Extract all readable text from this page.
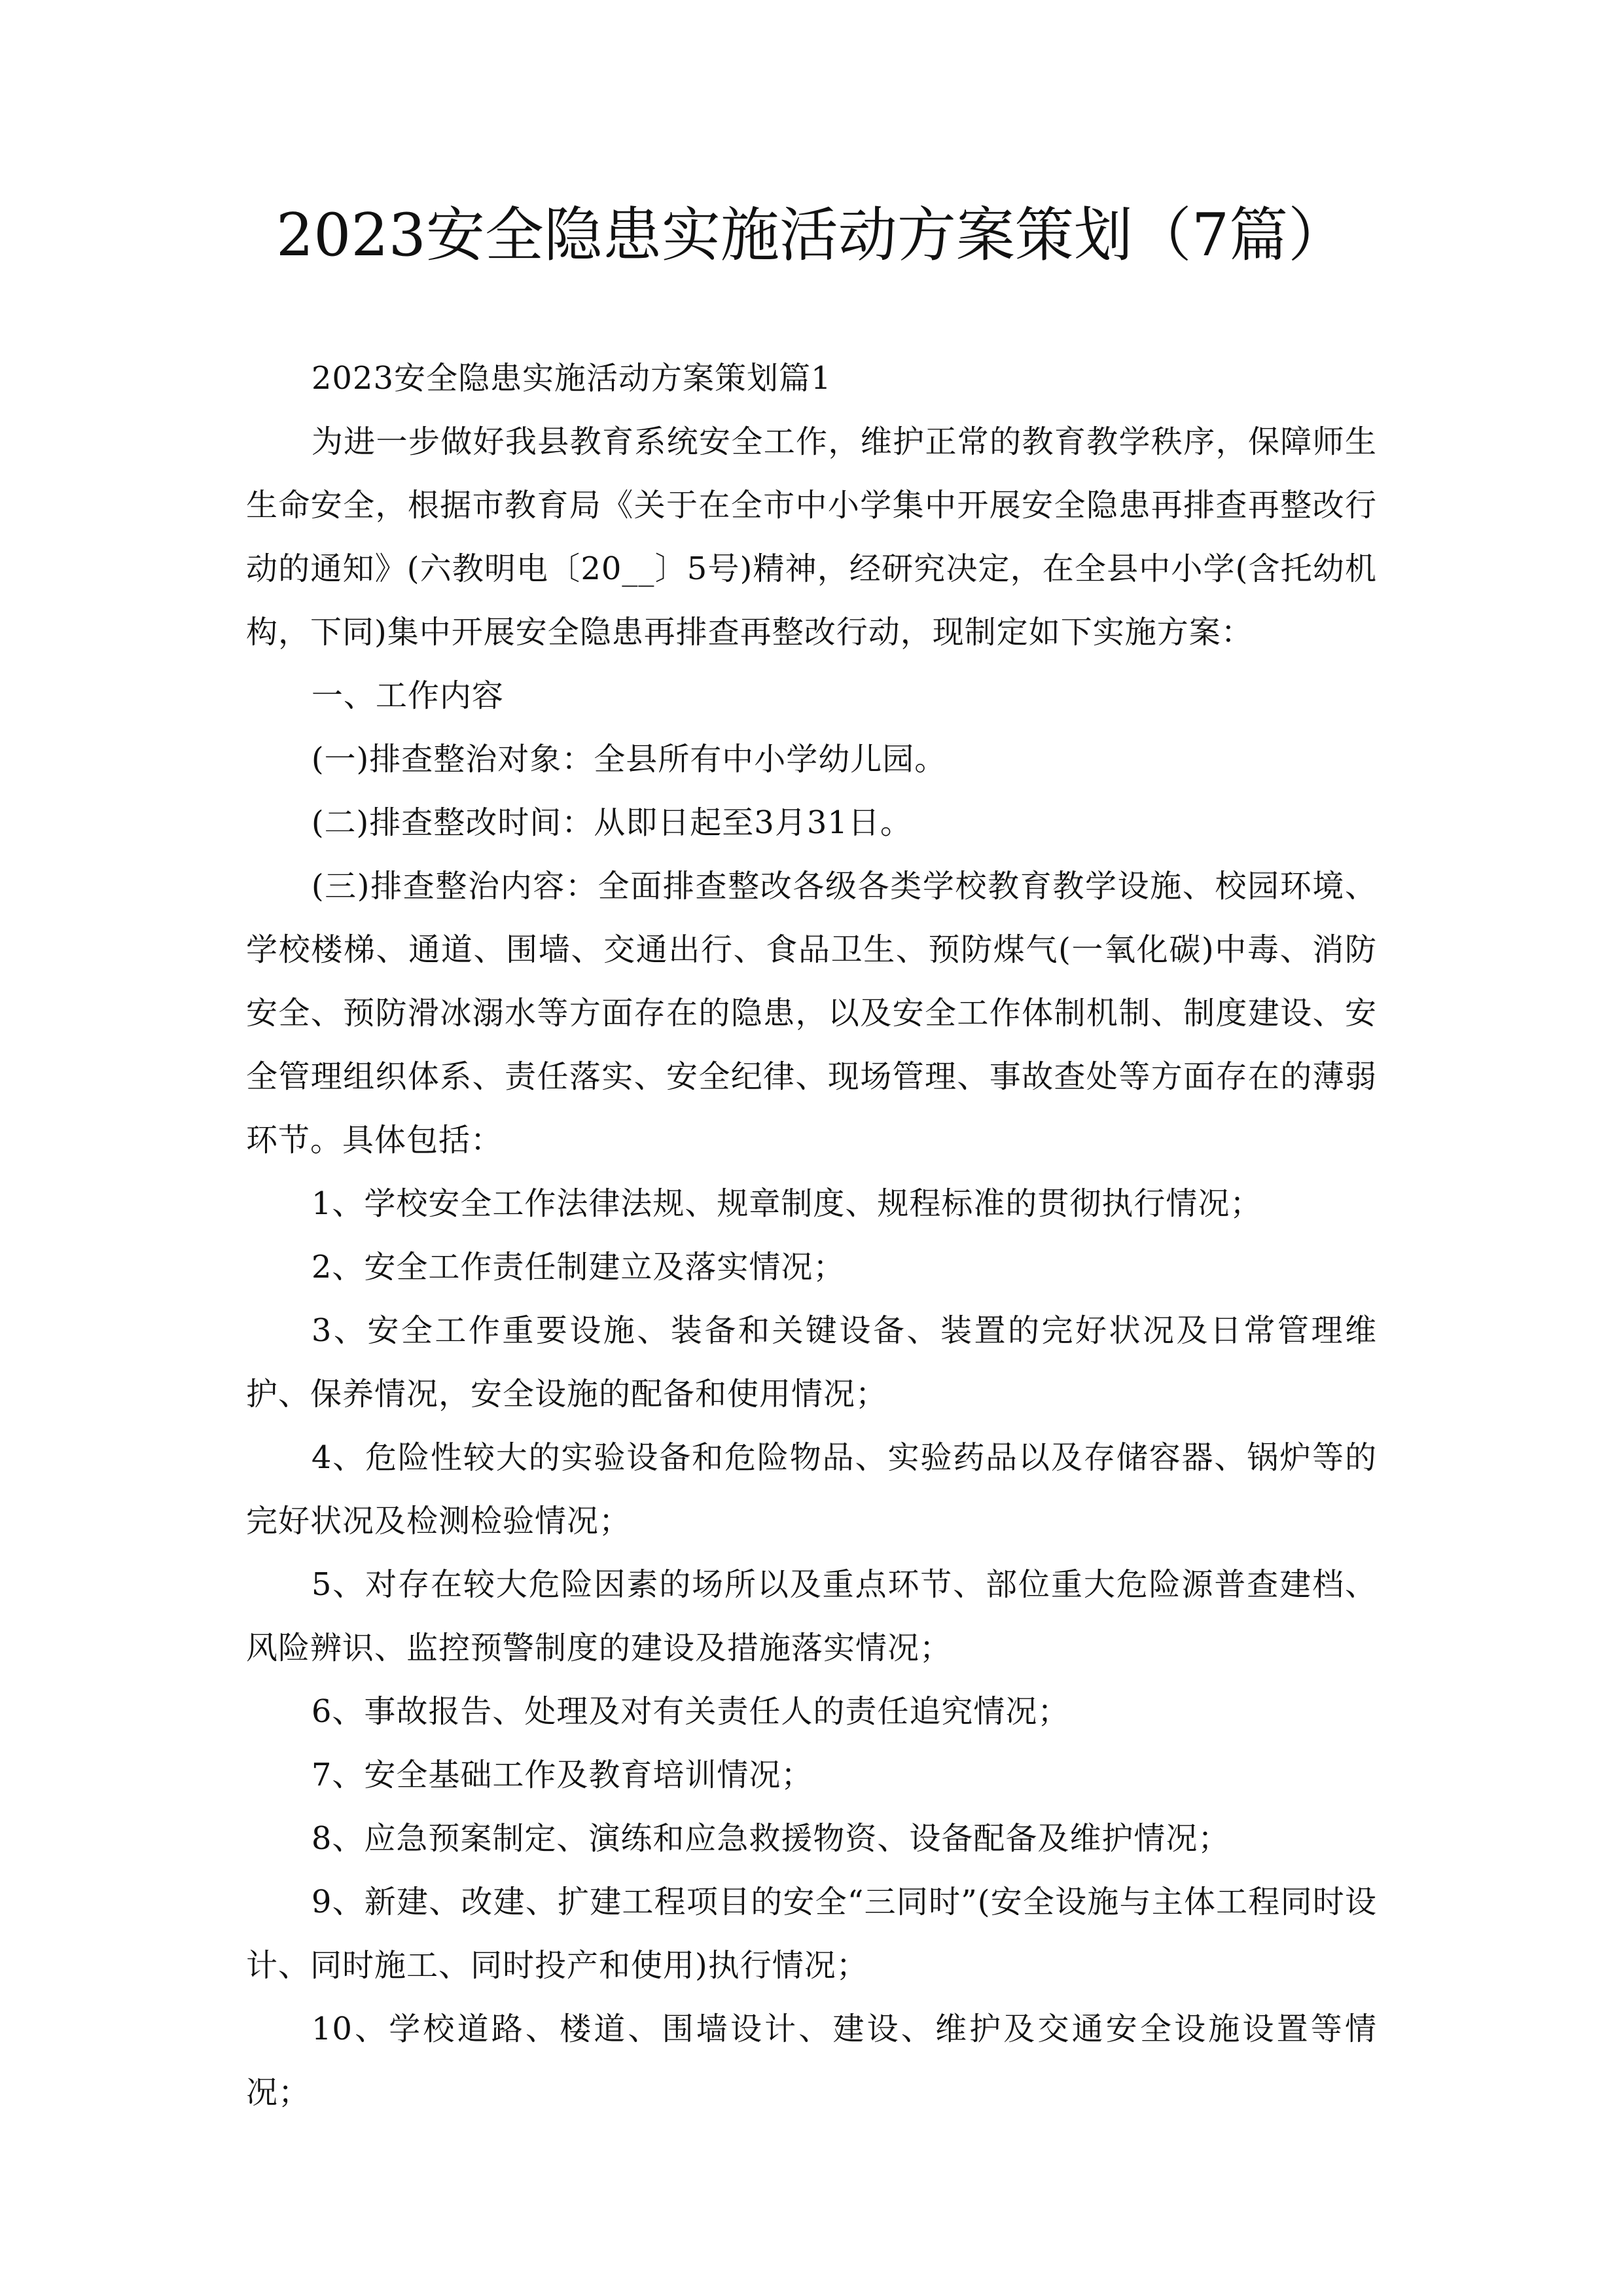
2023安全隐患实施活动方案策划（7篇）

2023安全隐患实施活动方案策划篇1

为进一步做好我县教育系统安全工作，维护正常的教育教学秩序，保障师生生命安全，根据市教育局《关于在全市中小学集中开展安全隐患再排查再整改行动的通知》(六教明电〔20__〕5号)精神，经研究决定，在全县中小学(含托幼机构，下同)集中开展安全隐患再排查再整改行动，现制定如下实施方案：

一、工作内容

(一)排查整治对象：全县所有中小学幼儿园。

(二)排查整改时间：从即日起至3月31日。

(三)排查整治内容：全面排查整改各级各类学校教育教学设施、校园环境、学校楼梯、通道、围墙、交通出行、食品卫生、预防煤气(一氧化碳)中毒、消防安全、预防滑冰溺水等方面存在的隐患，以及安全工作体制机制、制度建设、安全管理组织体系、责任落实、安全纪律、现场管理、事故查处等方面存在的薄弱环节。具体包括：

1、学校安全工作法律法规、规章制度、规程标准的贯彻执行情况；

2、安全工作责任制建立及落实情况；

3、安全工作重要设施、装备和关键设备、装置的完好状况及日常管理维护、保养情况，安全设施的配备和使用情况；

4、危险性较大的实验设备和危险物品、实验药品以及存储容器、锅炉等的完好状况及检测检验情况；

5、对存在较大危险因素的场所以及重点环节、部位重大危险源普查建档、风险辨识、监控预警制度的建设及措施落实情况；

6、事故报告、处理及对有关责任人的责任追究情况；

7、安全基础工作及教育培训情况；

8、应急预案制定、演练和应急救援物资、设备配备及维护情况；

9、新建、改建、扩建工程项目的安全“三同时”(安全设施与主体工程同时设计、同时施工、同时投产和使用)执行情况；

10、学校道路、楼道、围墙设计、建设、维护及交通安全设施设置等情况；
